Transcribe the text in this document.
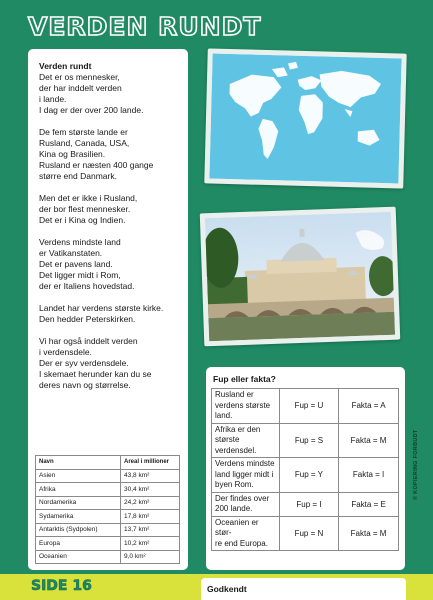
VERDEN RUNDT
Verden rundt
Det er os mennesker,
der har inddelt verden
i lande.
I dag er der over 200 lande.
De fem største lande er
Rusland, Canada, USA,
Kina og Brasilien.
Rusland er næsten 400 gange
større end Danmark.
Men det er ikke i Rusland,
der bor flest mennesker.
Det er i Kina og Indien.
Verdens mindste land
er Vatikanstaten.
Det er pavens land.
Det ligger midt i Rom,
der er Italiens hovedstad.
Landet har verdens største kirke.
Den hedder Peterskirken.
Vi har også inddelt verden
i verdensdele.
Der er syv verdensdele.
I skemaet herunder kan du se
deres navn og størrelse.
Navn	Areal i millioner
Asien	43,8 km²
Afrika	30,4 km²
Nordamerika	24,2 km²
Sydamerika	17,8 km²
Antarktis (Sydpolen)	13,7 km²
Europa	10,2 km²
Oceanien	9,0 km²
Fup eller fakta?
Rusland er
verdens største
land.	Fup = U	Fakta = A

Afrika er den
største
verdensdel.	Fup = S	Fakta = M

Verdens mindste
land ligger midt i
byen Rom.	Fup = Y	Fakta = I

Der findes over
200 lande.	Fup = I	Fakta = E

Oceanien er stør-
re end Europa.	Fup = N	Fakta = M
© KOPIERING FORBUDT
SIDE 16	Godkendt
